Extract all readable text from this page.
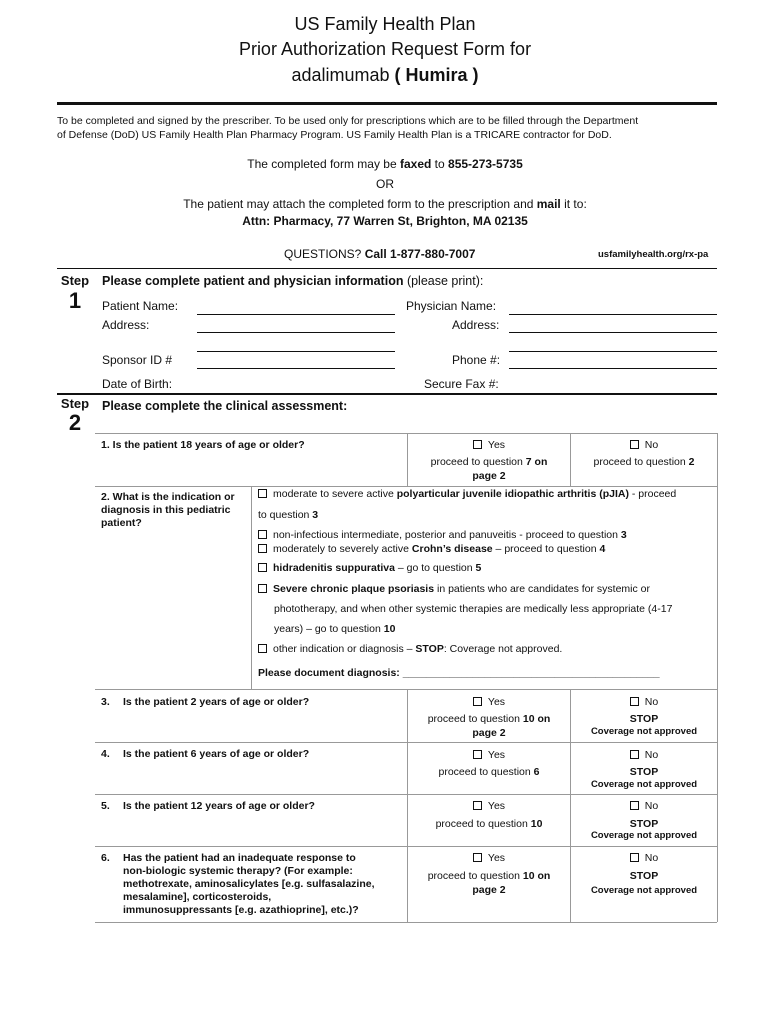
US Family Health Plan
Prior Authorization Request Form for
adalimumab ( Humira )
To be completed and signed by the prescriber. To be used only for prescriptions which are to be filled through the Department
of Defense (DoD) US Family Health Plan Pharmacy Program. US Family Health Plan is a TRICARE contractor for DoD.
The completed form may be faxed to 855-273-5735
OR
The patient may attach the completed form to the prescription and mail it to:
Attn: Pharmacy, 77 Warren St, Brighton, MA 02135
QUESTIONS? Call 1-877-880-7007	usfamilyhealth.org/rx-pa
Step
1
Please complete patient and physician information (please print):
Patient Name:
Address:
Sponsor ID #
Date of Birth:
Physician Name:
Address:
Phone #:
Secure Fax #:
Step
2
Please complete the clinical assessment:
1. Is the patient 18 years of age or older?	Yes
proceed to question 7 on
page 2
No
proceed to question 2
2. What is the indication or diagnosis in this pediatric patient?
moderate to severe active polyarticular juvenile idiopathic arthritis (pJIA) - proceed
to question 3
non-infectious intermediate, posterior and panuveitis - proceed to question 3
moderately to severely active Crohn’s disease – proceed to question 4
hidradenitis suppurativa – go to question 5
Severe chronic plaque psoriasis in patients who are candidates for systemic or
phototherapy, and when other systemic therapies are medically less appropriate (4-17
years) – go to question 10
other indication or diagnosis – STOP: Coverage not approved.
Please document diagnosis: ____________________________________________
3. Is the patient 2 years of age or older?	Yes
proceed to question 10 on
page 2
No
STOP
Coverage not approved
4. Is the patient 6 years of age or older?	Yes
proceed to question 6
No
STOP
Coverage not approved
5. Is the patient 12 years of age or older?	Yes
proceed to question 10
No
STOP
Coverage not approved
6. Has the patient had an inadequate response to
non-biologic systemic therapy? (For example:
methotrexate, aminosalicylates [e.g. sulfasalazine,
mesalamine], corticosteroids,
immunosuppressants [e.g. azathioprine], etc.)?
Yes
proceed to question 10 on
page 2
No
STOP
Coverage not approved
